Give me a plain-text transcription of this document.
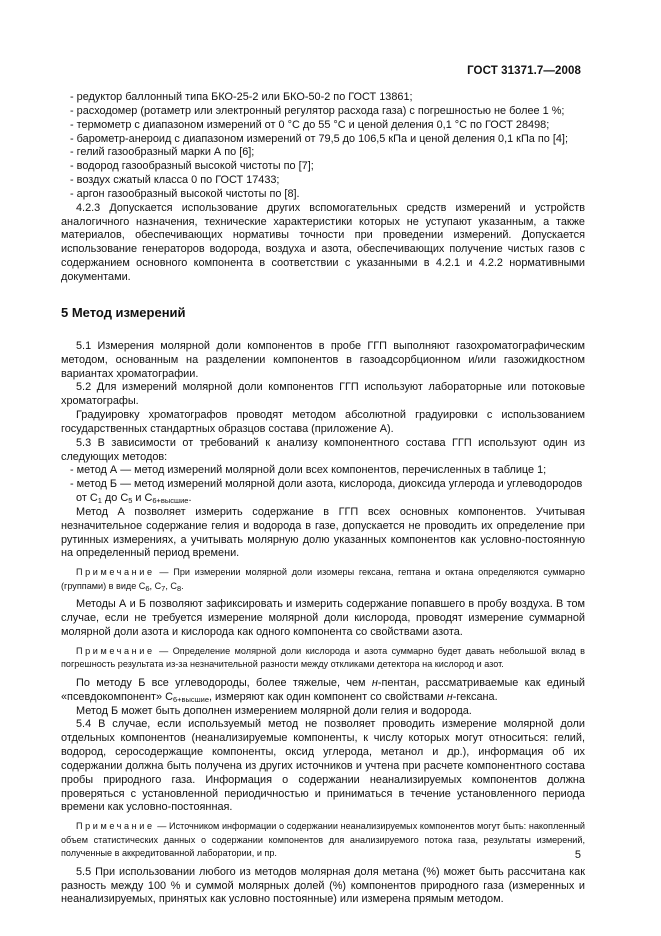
ГОСТ 31371.7—2008

- редуктор баллонный типа БКО-25-2 или БКО-50-2 по ГОСТ 13861;

- расходомер (ротаметр или электронный регулятор расхода газа) с погрешностью не более 1 %;

- термометр с диапазоном измерений от 0 °С до 55 °С и ценой деления 0,1 °С по ГОСТ 28498;

- барометр-анероид с диапазоном измерений от 79,5 до 106,5 кПа и ценой деления 0,1 кПа по [4];

- гелий газообразный марки А по [6];

- водород газообразный высокой чистоты по [7];

- воздух сжатый класса 0 по ГОСТ 17433;

- аргон газообразный высокой чистоты по [8].

4.2.3 Допускается использование других вспомогательных средств измерений и устройств аналогичного назначения, технические характеристики которых не уступают указанным, а также материалов, обеспечивающих нормативы точности при проведении измерений. Допускается использование генераторов водорода, воздуха и азота, обеспечивающих получение чистых газов с содержанием основного компонента в соответствии с указанными в 4.2.1 и 4.2.2 нормативными документами.

5 Метод измерений

5.1 Измерения молярной доли компонентов в пробе ГГП выполняют газохроматографическим методом, основанным на разделении компонентов в газоадсорбционном и/или газожидкостном вариантах хроматографии.

5.2 Для измерений молярной доли компонентов ГГП используют лабораторные или потоковые хроматографы.

Градуировку хроматографов проводят методом абсолютной градуировки с использованием государственных стандартных образцов состава (приложение А).

5.3 В зависимости от требований к анализу компонентного состава ГГП используют один из следующих методов:

- метод А — метод измерений молярной доли всех компонентов, перечисленных в таблице 1;

- метод Б — метод измерений молярной доли азота, кислорода, диоксида углерода и углеводородов от $С_1$ до $С_5$ и $С_{6+высшие}$.

Метод А позволяет измерить содержание в ГГП всех основных компонентов. Учитывая незначительное содержание гелия и водорода в газе, допускается не проводить их определение при рутинных измерениях, а учитывать молярную долю указанных компонентов как условно-постоянную на определенный период времени.

Примечание — При измерении молярной доли изомеры гексана, гептана и октана определяются суммарно (группами) в виде $С_6$, $С_7$, $С_8$.

Методы А и Б позволяют зафиксировать и измерить содержание попавшего в пробу воздуха. В том случае, если не требуется измерение молярной доли кислорода, проводят измерение суммарной молярной доли азота и кислорода как одного компонента со свойствами азота.

Примечание — Определение молярной доли кислорода и азота суммарно будет давать небольшой вклад в погрешность результата из-за незначительной разности между откликами детектора на кислород и азот.

По методу Б все углеводороды, более тяжелые, чем н-пентан, рассматриваемые как единый «псевдокомпонент» $С_{6+высшие}$, измеряют как один компонент со свойствами н-гексана.

Метод Б может быть дополнен измерением молярной доли гелия и водорода.

5.4 В случае, если используемый метод не позволяет проводить измерение молярной доли отдельных компонентов (неанализируемые компоненты, к числу которых могут относиться: гелий, водород, серосодержащие компоненты, оксид углерода, метанол и др.), информация об их содержании должна быть получена из других источников и учтена при расчете компонентного состава пробы природного газа. Информация о содержании неанализируемых компонентов должна проверяться с установленной периодичностью и приниматься в течение установленного периода времени как условно-постоянная.

Примечание — Источником информации о содержании неанализируемых компонентов могут быть: накопленный объем статистических данных о содержании компонентов для анализируемого потока газа, результаты измерений, полученные в аккредитованной лаборатории, и пр.

5.5 При использовании любого из методов молярная доля метана (%) может быть рассчитана как разность между 100 % и суммой молярных долей (%) компонентов природного газа (измеренных и неанализируемых, принятых как условно постоянные) или измерена прямым методом.

5
